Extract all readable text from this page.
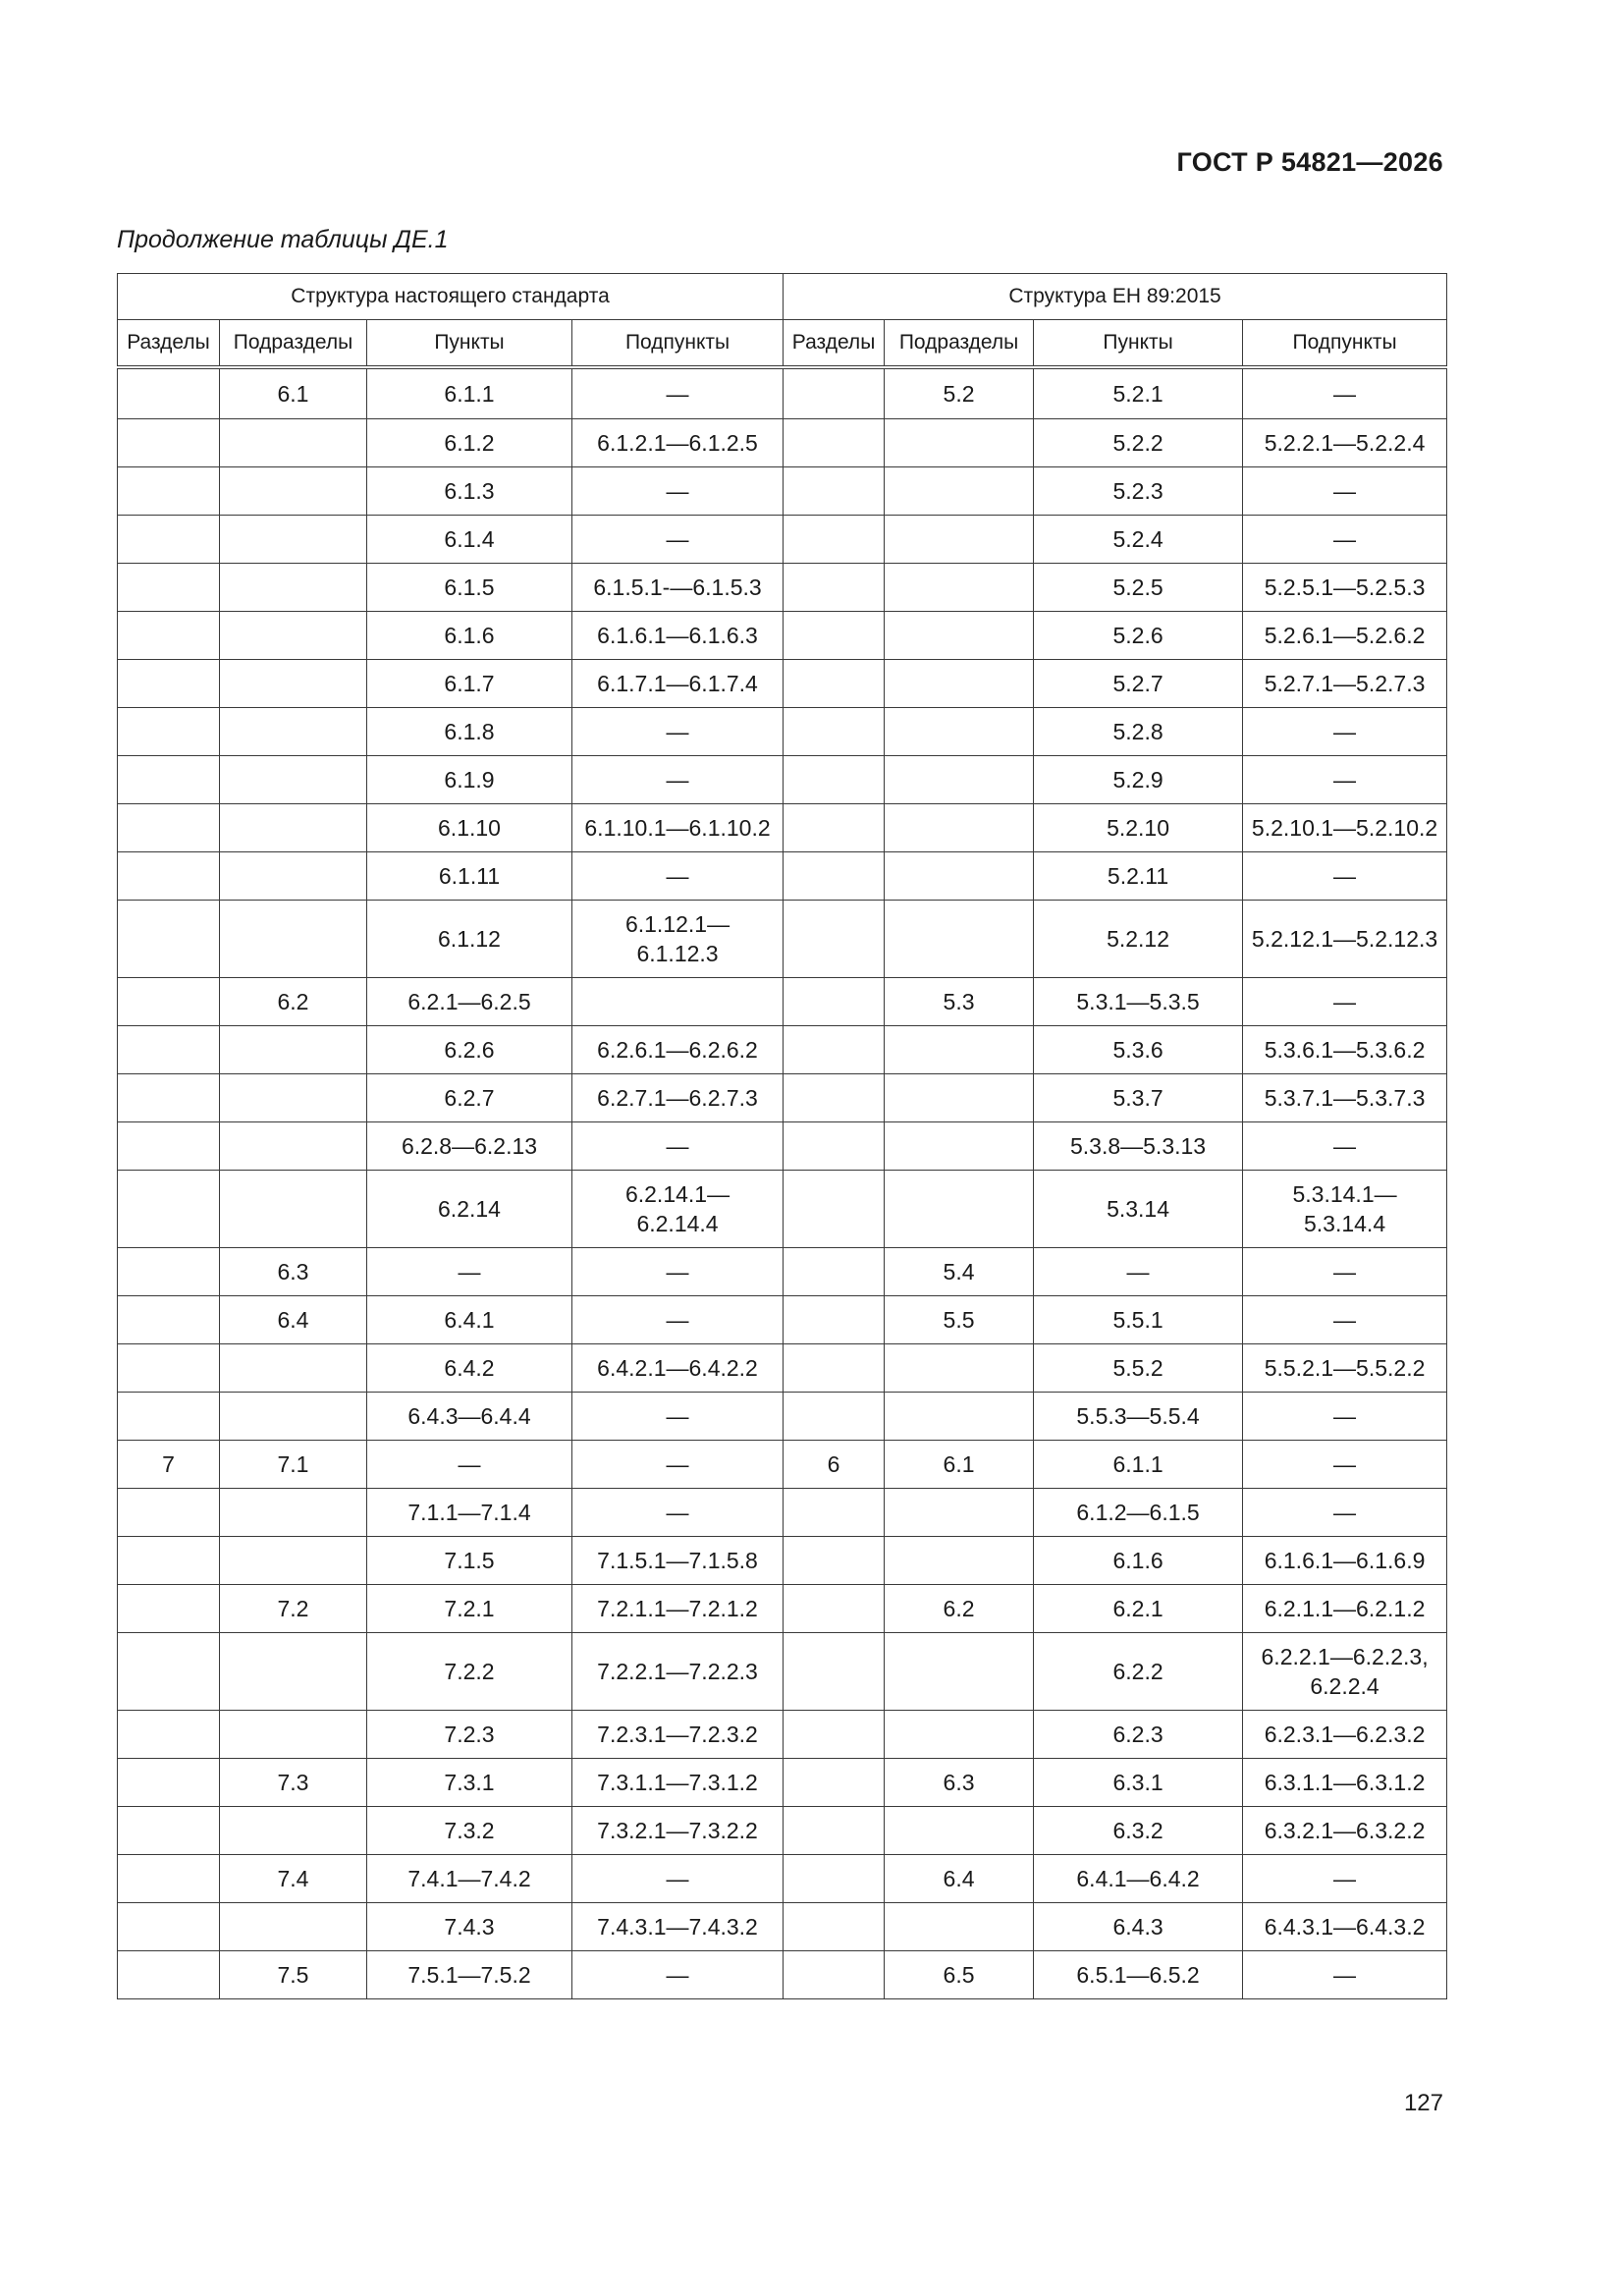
ГОСТ Р 54821—2026
Продолжение таблицы ДЕ.1
Структура настоящего стандарта				Структура ЕН 89:2015			
Разделы	Подразделы	Пункты	Подпункты	Разделы	Подразделы	Пункты	Подпункты
	6.1	6.1.1	—		5.2	5.2.1	—
		6.1.2	6.1.2.1—6.1.2.5			5.2.2	5.2.2.1—5.2.2.4
		6.1.3	—			5.2.3	—
		6.1.4	—			5.2.4	—
		6.1.5	6.1.5.1-—6.1.5.3			5.2.5	5.2.5.1—5.2.5.3
		6.1.6	6.1.6.1—6.1.6.3			5.2.6	5.2.6.1—5.2.6.2
		6.1.7	6.1.7.1—6.1.7.4			5.2.7	5.2.7.1—5.2.7.3
		6.1.8	—			5.2.8	—
		6.1.9	—			5.2.9	—
		6.1.10	6.1.10.1—6.1.10.2			5.2.10	5.2.10.1—5.2.10.2
		6.1.11	—			5.2.11	—
		6.1.12	6.1.12.1—
6.1.12.3			5.2.12	5.2.12.1—5.2.12.3
	6.2	6.2.1—6.2.5			5.3	5.3.1—5.3.5	—
		6.2.6	6.2.6.1—6.2.6.2			5.3.6	5.3.6.1—5.3.6.2
		6.2.7	6.2.7.1—6.2.7.3			5.3.7	5.3.7.1—5.3.7.3
		6.2.8—6.2.13	—			5.3.8—5.3.13	—
		6.2.14	6.2.14.1—
6.2.14.4			5.3.14	5.3.14.1—
5.3.14.4
	6.3	—	—		5.4	—	—
	6.4	6.4.1	—		5.5	5.5.1	—
		6.4.2	6.4.2.1—6.4.2.2			5.5.2	5.5.2.1—5.5.2.2
		6.4.3—6.4.4	—			5.5.3—5.5.4	—
7	7.1	—	—	6	6.1	6.1.1	—
		7.1.1—7.1.4	—			6.1.2—6.1.5	—
		7.1.5	7.1.5.1—7.1.5.8			6.1.6	6.1.6.1—6.1.6.9
	7.2	7.2.1	7.2.1.1—7.2.1.2		6.2	6.2.1	6.2.1.1—6.2.1.2
		7.2.2	7.2.2.1—7.2.2.3			6.2.2	6.2.2.1—6.2.2.3,
6.2.2.4
		7.2.3	7.2.3.1—7.2.3.2			6.2.3	6.2.3.1—6.2.3.2
	7.3	7.3.1	7.3.1.1—7.3.1.2		6.3	6.3.1	6.3.1.1—6.3.1.2
		7.3.2	7.3.2.1—7.3.2.2			6.3.2	6.3.2.1—6.3.2.2
	7.4	7.4.1—7.4.2	—		6.4	6.4.1—6.4.2	—
		7.4.3	7.4.3.1—7.4.3.2			6.4.3	6.4.3.1—6.4.3.2
	7.5	7.5.1—7.5.2	—		6.5	6.5.1—6.5.2	—
127
